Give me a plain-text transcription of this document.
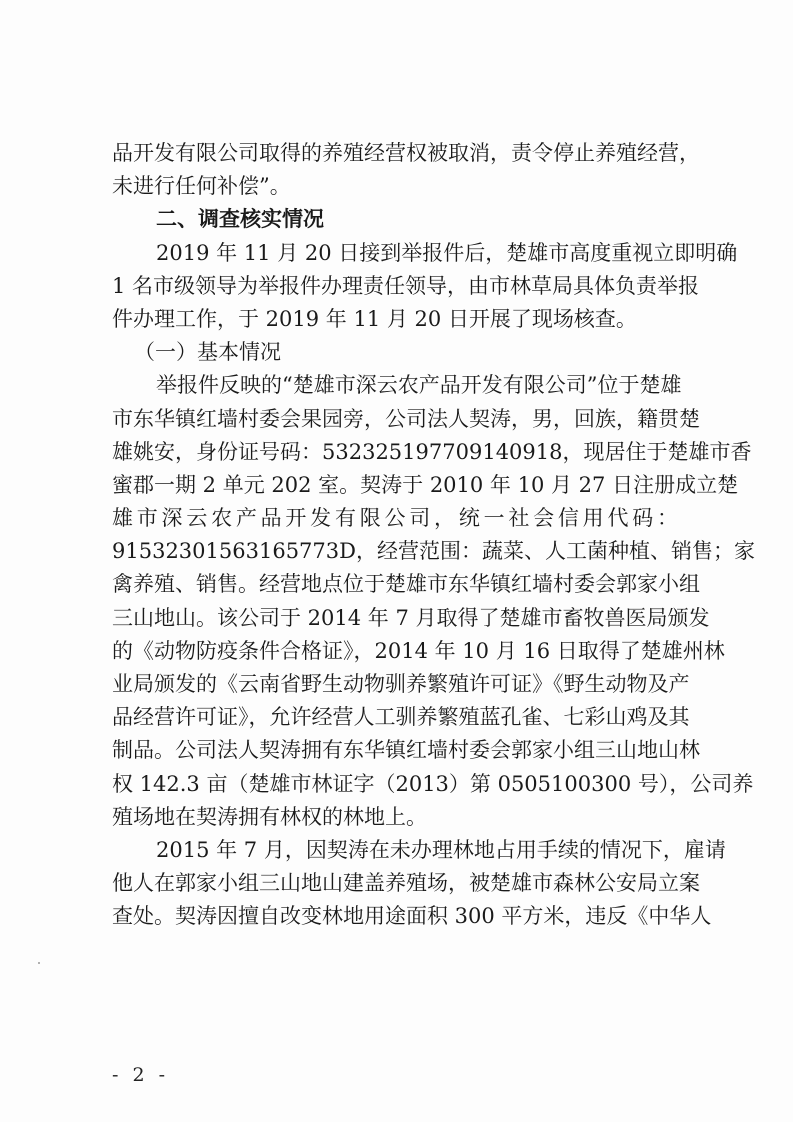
品开发有限公司取得的养殖经营权被取消，责令停止养殖经营，
未进行任何补偿”。
二、调查核实情况
2019 年 11 月 20 日接到举报件后，楚雄市高度重视立即明确
1 名市级领导为举报件办理责任领导，由市林草局具体负责举报
件办理工作，于 2019 年 11 月 20 日开展了现场核查。
（一）基本情况
举报件反映的“楚雄市深云农产品开发有限公司”位于楚雄
市东华镇红墙村委会果园旁，公司法人契涛，男，回族，籍贯楚
雄姚安，身份证号码：532325197709140918，现居住于楚雄市香
蜜郡一期 2 单元 202 室。契涛于 2010 年 10 月 27 日注册成立楚
雄市深云农产品开发有限公司，统一社会信用代码：
91532301563165773D，经营范围：蔬菜、人工菌种植、销售；家
禽养殖、销售。经营地点位于楚雄市东华镇红墙村委会郭家小组
三山地山。该公司于 2014 年 7 月取得了楚雄市畜牧兽医局颁发
的《动物防疫条件合格证》，2014 年 10 月 16 日取得了楚雄州林
业局颁发的《云南省野生动物驯养繁殖许可证》《野生动物及产
品经营许可证》，允许经营人工驯养繁殖蓝孔雀、七彩山鸡及其
制品。公司法人契涛拥有东华镇红墙村委会郭家小组三山地山林
权 142.3 亩（楚雄市林证字（2013）第 0505100300 号），公司养
殖场地在契涛拥有林权的林地上。
2015 年 7 月，因契涛在未办理林地占用手续的情况下，雇请
他人在郭家小组三山地山建盖养殖场，被楚雄市森林公安局立案
查处。契涛因擅自改变林地用途面积 300 平方米，违反《中华人
- 2 -
